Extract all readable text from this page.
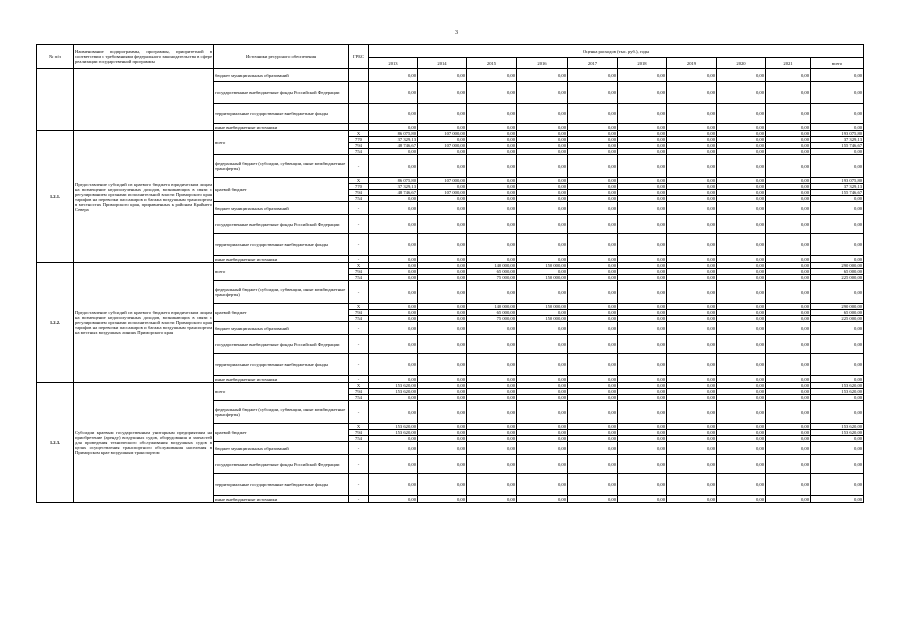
3
№ п/п	Наименование подпрограммы, программы, приоритетной в соответствии с требованиями федерального законодательства в сфере реализации государственной программы	Источники ресурсного обеспечения	ГРБС	Оценка расходов (тыс. руб.), годы									
				2013	2014	2015	2016	2017	2018	2019	2020	2021	всего
		бюджет муниципальных образований		0,00	0,00	0,00	0,00	0,00	0,00	0,00	0,00	0,00	0,00
		государственные внебюджетные фонды Российской Федерации		0,00	0,00	0,00	0,00	0,00	0,00	0,00	0,00	0,00	0,00
		территориальные государственные внебюджетные фонды		0,00	0,00	0,00	0,00	0,00	0,00	0,00	0,00	0,00	0,00
		иные внебюджетные источники		0,00	0,00	0,00	0,00	0,00	0,00	0,00	0,00	0,00	0,00
1.2.1.	Предоставление субсидий из краевого бюджета юридическим лицам на возмещение недополученных доходов, возникающих в связи с регулированием органами исполнительной власти Приморского края тарифов на перевозки пассажиров и багажа воздушным транспортом в местностях Приморского края, приравненных к районам Крайнего Севера	всего	X	86 075,80	107 000,00	0,00	0,00	0,00	0,00	0,00	0,00	0,00	193 075,80
			770	37 329,13	0,00	0,00	0,00	0,00	0,00	0,00	0,00	0,00	37 329,13
			794	48 746,67	107 000,00	0,00	0,00	0,00	0,00	0,00	0,00	0,00	155 746,67
			754	0,00	0,00	0,00	0,00	0,00	0,00	0,00	0,00	0,00	0,00
		федеральный бюджет (субсидии, субвенции, иные межбюджетные трансферты)	-	0,00	0,00	0,00	0,00	0,00	0,00	0,00	0,00	0,00	0,00
		краевой бюджет	X	86 075,80	107 000,00	0,00	0,00	0,00	0,00	0,00	0,00	0,00	193 075,80
			770	37 329,13	0,00	0,00	0,00	0,00	0,00	0,00	0,00	0,00	37 329,13
			794	48 746,67	107 000,00	0,00	0,00	0,00	0,00	0,00	0,00	0,00	155 746,67
			754	0,00	0,00	0,00	0,00	0,00	0,00	0,00	0,00	0,00	0,00
		бюджет муниципальных образований	-	0,00	0,00	0,00	0,00	0,00	0,00	0,00	0,00	0,00	0,00
		государственные внебюджетные фонды Российской Федерации	-	0,00	0,00	0,00	0,00	0,00	0,00	0,00	0,00	0,00	0,00
		территориальные государственные внебюджетные фонды	-	0,00	0,00	0,00	0,00	0,00	0,00	0,00	0,00	0,00	0,00
		иные внебюджетные источники	-	0,00	0,00	0,00	0,00	0,00	0,00	0,00	0,00	0,00	0,00
1.2.2.	Предоставление субсидий из краевого бюджета юридическим лицам на возмещение недополученных доходов, возникающих в связи с регулированием органами исполнительной власти Приморского края тарифов на перевозки пассажиров и багажа воздушным транспортом на местных воздушных линиях Приморского края	всего	X	0,00	0,00	140 000,00	150 000,00	0,00	0,00	0,00	0,00	0,00	290 000,00
			794	0,00	0,00	65 000,00	0,00	0,00	0,00	0,00	0,00	0,00	65 000,00
			754	0,00	0,00	75 000,00	150 000,00	0,00	0,00	0,00	0,00	0,00	225 000,00
		федеральный бюджет (субсидии, субвенции, иные межбюджетные трансферты)	-	0,00	0,00	0,00	0,00	0,00	0,00	0,00	0,00	0,00	0,00
		краевой бюджет	X	0,00	0,00	140 000,00	150 000,00	0,00	0,00	0,00	0,00	0,00	290 000,00
			794	0,00	0,00	65 000,00	0,00	0,00	0,00	0,00	0,00	0,00	65 000,00
			754	0,00	0,00	75 000,00	150 000,00	0,00	0,00	0,00	0,00	0,00	225 000,00
		бюджет муниципальных образований	-	0,00	0,00	0,00	0,00	0,00	0,00	0,00	0,00	0,00	0,00
		государственные внебюджетные фонды Российской Федерации	-	0,00	0,00	0,00	0,00	0,00	0,00	0,00	0,00	0,00	0,00
		территориальные государственные внебюджетные фонды	-	0,00	0,00	0,00	0,00	0,00	0,00	0,00	0,00	0,00	0,00
		иные внебюджетные источники	-	0,00	0,00	0,00	0,00	0,00	0,00	0,00	0,00	0,00	0,00
1.2.3.	Субсидии краевым государственным унитарным предприятиям на приобретение (аренду) воздушных судов, оборудования и запчастей для проведения технического обслуживания воздушных судов в целях осуществления транспортного обслуживания населения в Приморском крае воздушным транспортом	всего	X	153 620,00	0,00	0,00	0,00	0,00	0,00	0,00	0,00	0,00	153 620,00
			794	153 620,00	0,00	0,00	0,00	0,00	0,00	0,00	0,00	0,00	153 620,00
			754	0,00	0,00	0,00	0,00	0,00	0,00	0,00	0,00	0,00	0,00
		федеральный бюджет (субсидии, субвенции, иные межбюджетные трансферты)	-	0,00	0,00	0,00	0,00	0,00	0,00	0,00	0,00	0,00	0,00
		краевой бюджет	X	153 620,00	0,00	0,00	0,00	0,00	0,00	0,00	0,00	0,00	153 620,00
			794	153 620,00	0,00	0,00	0,00	0,00	0,00	0,00	0,00	0,00	153 620,00
			754	0,00	0,00	0,00	0,00	0,00	0,00	0,00	0,00	0,00	0,00
		бюджет муниципальных образований	-	0,00	0,00	0,00	0,00	0,00	0,00	0,00	0,00	0,00	0,00
		государственные внебюджетные фонды Российской Федерации	-	0,00	0,00	0,00	0,00	0,00	0,00	0,00	0,00	0,00	0,00
		территориальные государственные внебюджетные фонды	-	0,00	0,00	0,00	0,00	0,00	0,00	0,00	0,00	0,00	0,00
		иные внебюджетные источники	-	0,00	0,00	0,00	0,00	0,00	0,00	0,00	0,00	0,00	0,00
